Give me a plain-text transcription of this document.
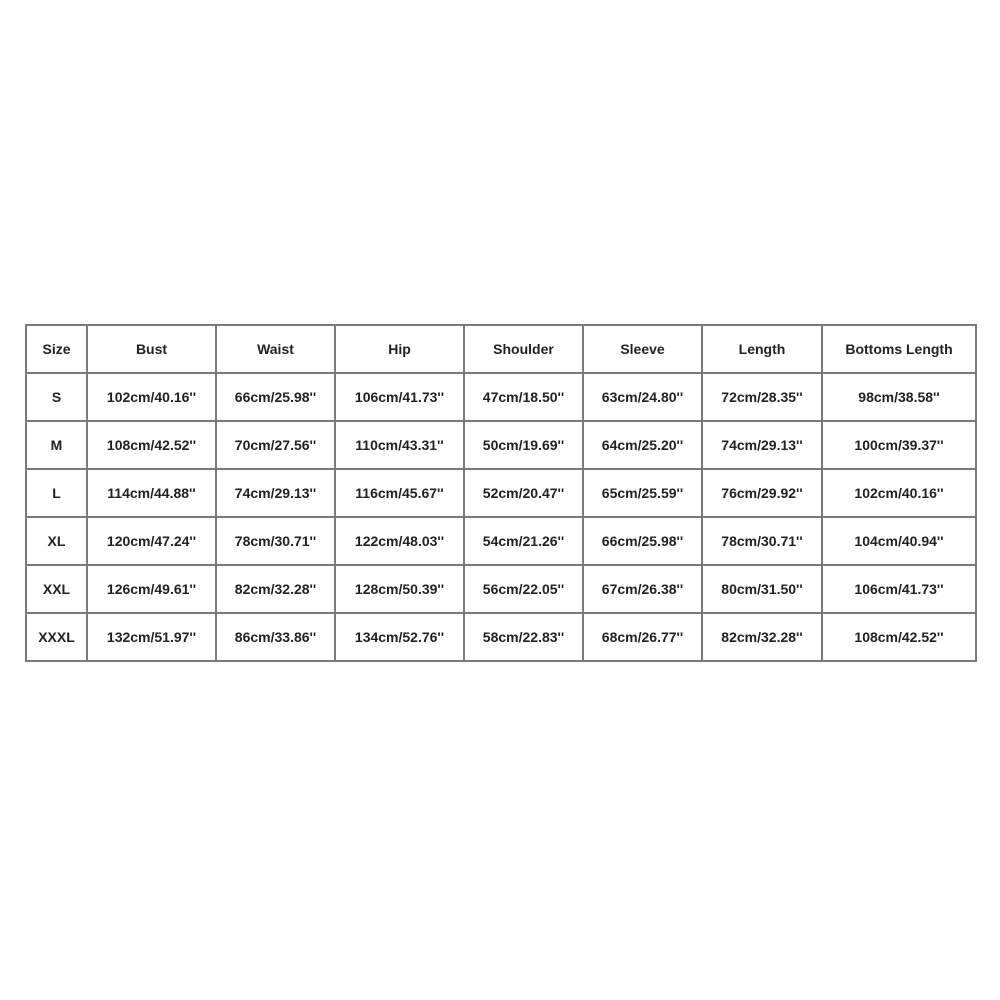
Size	Bust	Waist	Hip	Shoulder	Sleeve	Length	Bottoms Length
S	102cm/40.16''	66cm/25.98''	106cm/41.73''	47cm/18.50''	63cm/24.80''	72cm/28.35''	98cm/38.58''
M	108cm/42.52''	70cm/27.56''	110cm/43.31''	50cm/19.69''	64cm/25.20''	74cm/29.13''	100cm/39.37''
L	114cm/44.88''	74cm/29.13''	116cm/45.67''	52cm/20.47''	65cm/25.59''	76cm/29.92''	102cm/40.16''
XL	120cm/47.24''	78cm/30.71''	122cm/48.03''	54cm/21.26''	66cm/25.98''	78cm/30.71''	104cm/40.94''
XXL	126cm/49.61''	82cm/32.28''	128cm/50.39''	56cm/22.05''	67cm/26.38''	80cm/31.50''	106cm/41.73''
XXXL	132cm/51.97''	86cm/33.86''	134cm/52.76''	58cm/22.83''	68cm/26.77''	82cm/32.28''	108cm/42.52''
